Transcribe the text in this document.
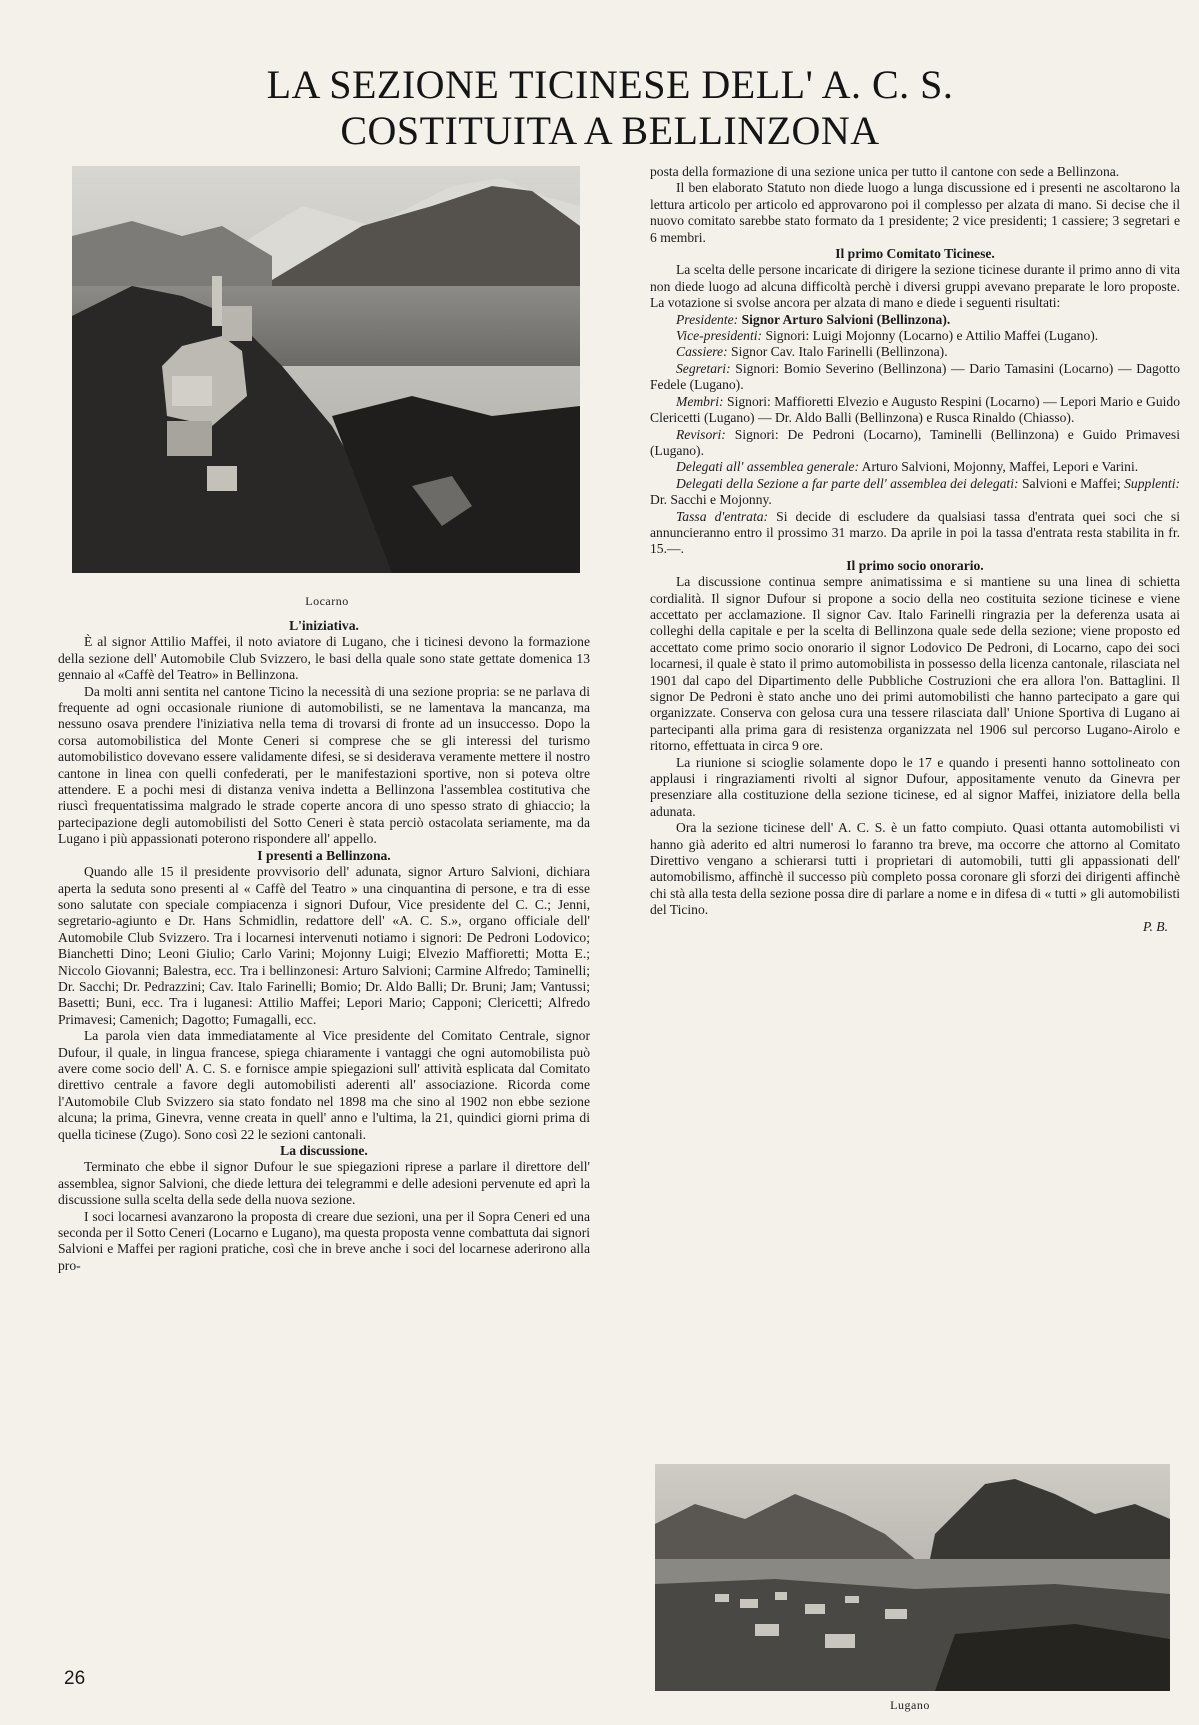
LA SEZIONE TICINESE DELL' A. C. S.
COSTITUITA A BELLINZONA
Locarno

L'iniziativa.

È al signor Attilio Maffei, il noto aviatore di Lugano, che i ticinesi devono la formazione della sezione dell' Automobile Club Svizzero, le basi della quale sono state gettate domenica 13 gennaio al «Caffè del Teatro» in Bellinzona.

Da molti anni sentita nel cantone Ticino la necessità di una sezione propria: se ne parlava di frequente ad ogni occasionale riunione di automobilisti, se ne lamentava la mancanza, ma nessuno osava prendere l'iniziativa nella tema di trovarsi di fronte ad un insuccesso. Dopo la corsa automobilistica del Monte Ceneri si comprese che se gli interessi del turismo automobilistico dovevano essere validamente difesi, se si desiderava veramente mettere il nostro cantone in linea con quelli confederati, per le manifestazioni sportive, non si poteva oltre attendere. E a pochi mesi di distanza veniva indetta a Bellinzona l'assemblea costitutiva che riuscì frequentatissima malgrado le strade coperte ancora di uno spesso strato di ghiaccio; la partecipazione degli automobilisti del Sotto Ceneri è stata perciò ostacolata seriamente, ma da Lugano i più appassionati poterono rispondere all' appello.

I presenti a Bellinzona.

Quando alle 15 il presidente provvisorio dell' adunata, signor Arturo Salvioni, dichiara aperta la seduta sono presenti al « Caffè del Teatro » una cinquantina di persone, e tra di esse sono salutate con speciale compiacenza i signori Dufour, Vice presidente del C. C.; Jenni, segretario-agiunto e Dr. Hans Schmidlin, redattore dell' «A. C. S.», organo officiale dell' Automobile Club Svizzero. Tra i locarnesi intervenuti notiamo i signori: De Pedroni Lodovico; Bianchetti Dino; Leoni Giulio; Carlo Varini; Mojonny Luigi; Elvezio Maffioretti; Motta E.; Niccolo Giovanni; Balestra, ecc. Tra i bellinzonesi: Arturo Salvioni; Carmine Alfredo; Taminelli; Dr. Sacchi; Dr. Pedrazzini; Cav. Italo Farinelli; Bomio; Dr. Aldo Balli; Dr. Bruni; Jam; Vantussi; Basetti; Buni, ecc. Tra i luganesi: Attilio Maffei; Lepori Mario; Capponi; Clericetti; Alfredo Primavesi; Camenich; Dagotto; Fumagalli, ecc.

La parola vien data immediatamente al Vice presidente del Comitato Centrale, signor Dufour, il quale, in lingua francese, spiega chiaramente i vantaggi che ogni automobilista può avere come socio dell' A. C. S. e fornisce ampie spiegazioni sull' attività esplicata dal Comitato direttivo centrale a favore degli automobilisti aderenti all' associazione. Ricorda come l'Automobile Club Svizzero sia stato fondato nel 1898 ma che sino al 1902 non ebbe sezione alcuna; la prima, Ginevra, venne creata in quell' anno e l'ultima, la 21, quindici giorni prima di quella ticinese (Zugo). Sono così 22 le sezioni cantonali.

La discussione.

Terminato che ebbe il signor Dufour le sue spiegazioni riprese a parlare il direttore dell' assemblea, signor Salvioni, che diede lettura dei telegrammi e delle adesioni pervenute ed aprì la discussione sulla scelta della sede della nuova sezione.

I soci locarnesi avanzarono la proposta di creare due sezioni, una per il Sopra Ceneri ed una seconda per il Sotto Ceneri (Locarno e Lugano), ma questa proposta venne combattuta dai signori Salvioni e Maffei per ragioni pratiche, così che in breve anche i soci del locarnese aderirono alla pro-

posta della formazione di una sezione unica per tutto il cantone con sede a Bellinzona.

Il ben elaborato Statuto non diede luogo a lunga discussione ed i presenti ne ascoltarono la lettura articolo per articolo ed approvarono poi il complesso per alzata di mano. Si decise che il nuovo comitato sarebbe stato formato da 1 presidente; 2 vice presidenti; 1 cassiere; 3 segretari e 6 membri.

Il primo Comitato Ticinese.

La scelta delle persone incaricate di dirigere la sezione ticinese durante il primo anno di vita non diede luogo ad alcuna difficoltà perchè i diversi gruppi avevano preparate le loro proposte. La votazione si svolse ancora per alzata di mano e diede i seguenti risultati:

Presidente: Signor Arturo Salvioni (Bellinzona).

Vice-presidenti: Signori: Luigi Mojonny (Locarno) e Attilio Maffei (Lugano).

Cassiere: Signor Cav. Italo Farinelli (Bellinzona).

Segretari: Signori: Bomio Severino (Bellinzona) — Dario Tamasini (Locarno) — Dagotto Fedele (Lugano).

Membri: Signori: Maffioretti Elvezio e Augusto Respini (Locarno) — Lepori Mario e Guido Clericetti (Lugano) — Dr. Aldo Balli (Bellinzona) e Rusca Rinaldo (Chiasso).

Revisori: Signori: De Pedroni (Locarno), Taminelli (Bellinzona) e Guido Primavesi (Lugano).

Delegati all' assemblea generale: Arturo Salvioni, Mojonny, Maffei, Lepori e Varini.

Delegati della Sezione a far parte dell' assemblea dei delegati: Salvioni e Maffei; Supplenti: Dr. Sacchi e Mojonny.

Tassa d'entrata: Si decide di escludere da qualsiasi tassa d'entrata quei soci che si annuncieranno entro il prossimo 31 marzo. Da aprile in poi la tassa d'entrata resta stabilita in fr. 15.—.

Il primo socio onorario.

La discussione continua sempre animatissima e si mantiene su una linea di schietta cordialità. Il signor Dufour si propone a socio della neo costituita sezione ticinese e viene accettato per acclamazione. Il signor Cav. Italo Farinelli ringrazia per la deferenza usata ai colleghi della capitale e per la scelta di Bellinzona quale sede della sezione; viene proposto ed accettato come primo socio onorario il signor Lodovico De Pedroni, di Locarno, capo dei soci locarnesi, il quale è stato il primo automobilista in possesso della licenza cantonale, rilasciata nel 1901 dal capo del Dipartimento delle Pubbliche Costruzioni che era allora l'on. Battaglini. Il signor De Pedroni è stato anche uno dei primi automobilisti che hanno partecipato a gare qui organizzate. Conserva con gelosa cura una tessere rilasciata dall' Unione Sportiva di Lugano ai partecipanti alla prima gara di resistenza organizzata nel 1906 sul percorso Lugano-Airolo e ritorno, effettuata in circa 9 ore.

La riunione si scioglie solamente dopo le 17 e quando i presenti hanno sottolineato con applausi i ringraziamenti rivolti al signor Dufour, appositamente venuto da Ginevra per presenziare alla costituzione della sezione ticinese, ed al signor Maffei, iniziatore della bella adunata.

Ora la sezione ticinese dell' A. C. S. è un fatto compiuto. Quasi ottanta automobilisti vi hanno già aderito ed altri numerosi lo faranno tra breve, ma occorre che attorno al Comitato Direttivo vengano a schierarsi tutti i proprietari di automobili, tutti gli appassionati dell' automobilismo, affinchè il successo più completo possa coronare gli sforzi dei dirigenti affinchè chi stà alla testa della sezione possa dire di parlare a nome e in difesa di « tutti » gli automobilisti del Ticino.

P. B.

Lugano
26
